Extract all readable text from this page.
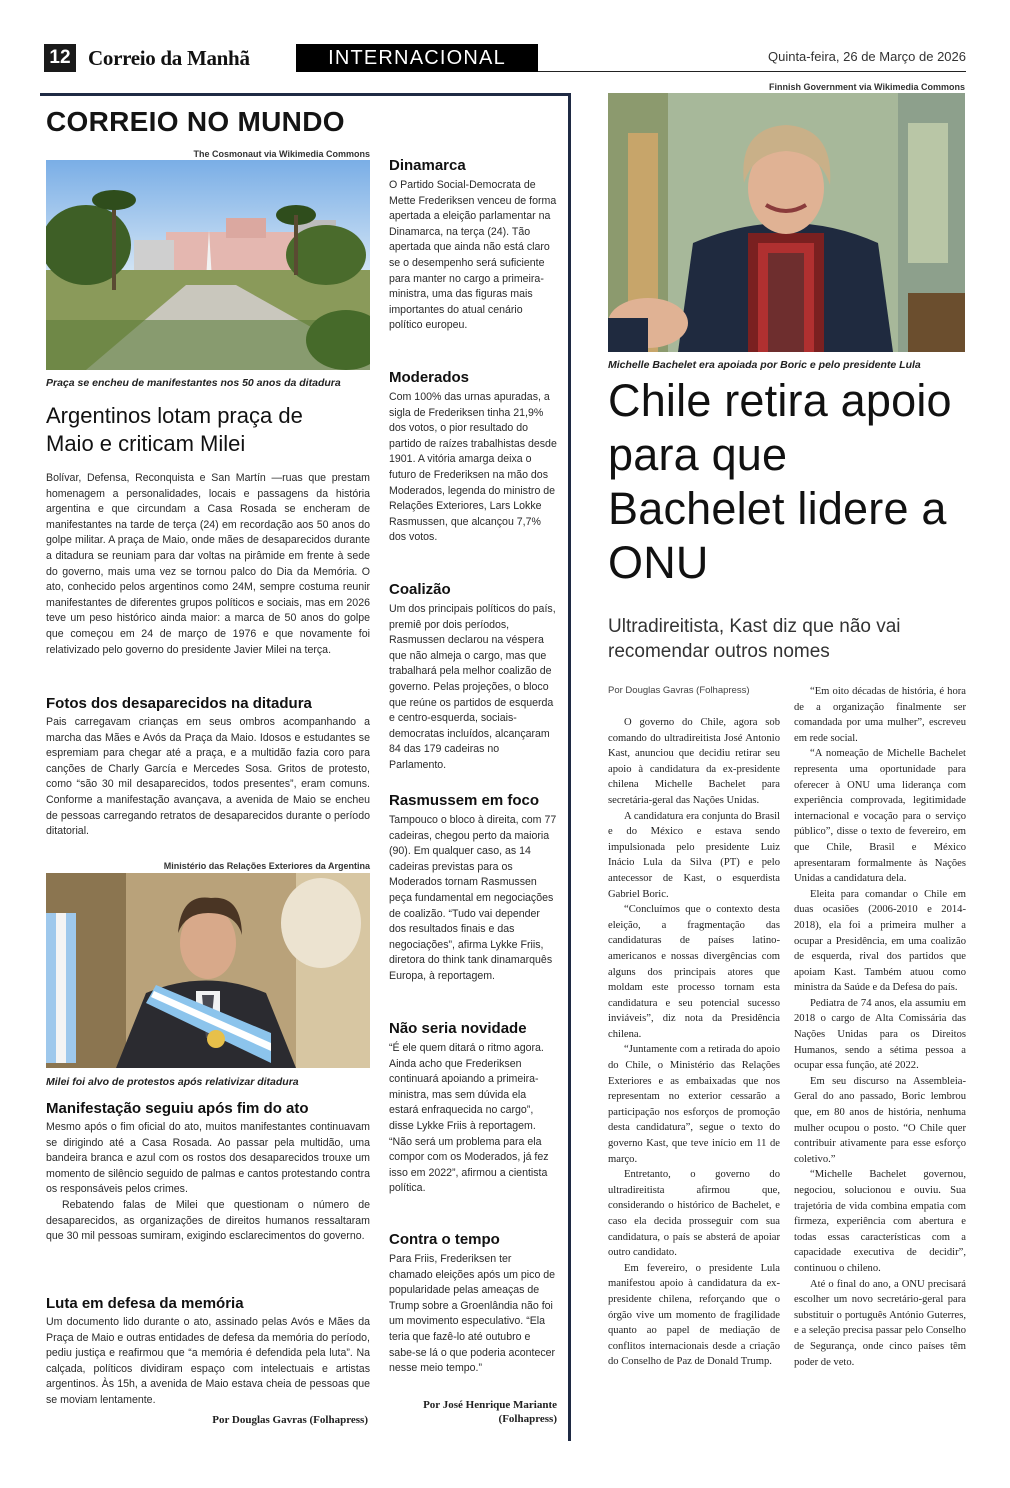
12 Correio da Manhã	INTERNACIONAL	Quinta-feira, 26 de Março de 2026
CORREIO NO MUNDO
The Cosmonaut via Wikimedia Commons
Praça se encheu de manifestantes nos 50 anos da ditadura
Argentinos lotam praça de Maio e criticam Milei

Bolívar, Defensa, Reconquista e San Martín —ruas que prestam homenagem a personalidades, locais e passagens da história argentina e que circundam a Casa Rosada se encheram de manifestantes na tarde de terça (24) em recordação aos 50 anos do golpe militar. A praça de Maio, onde mães de desaparecidos durante a ditadura se reuniam para dar voltas na pirâmide em frente à sede do governo, mais uma vez se tornou palco do Dia da Memória. O ato, conhecido pelos argentinos como 24M, sempre costuma reunir manifestantes de diferentes grupos políticos e sociais, mas em 2026 teve um peso histórico ainda maior: a marca de 50 anos do golpe que começou em 24 de março de 1976 e que novamente foi relativizado pelo governo do presidente Javier Milei na terça.

Fotos dos desaparecidos na ditadura

Pais carregavam crianças em seus ombros acompanhando a marcha das Mães e Avós da Praça da Maio. Idosos e estudantes se espremiam para chegar até a praça, e a multidão fazia coro para canções de Charly García e Mercedes Sosa. Gritos de protesto, como “são 30 mil desaparecidos, todos presentes”, eram comuns. Conforme a manifestação avançava, a avenida de Maio se encheu de pessoas carregando retratos de desaparecidos durante o período ditatorial.

Ministério das Relações Exteriores da Argentina
Milei foi alvo de protestos após relativizar ditadura
Manifestação seguiu após fim do ato

Mesmo após o fim oficial do ato, muitos manifestantes continuavam se dirigindo até a Casa Rosada. Ao passar pela multidão, uma bandeira branca e azul com os rostos dos desaparecidos trouxe um momento de silêncio seguido de palmas e cantos protestando contra os responsáveis pelos crimes.

Rebatendo falas de Milei que questionam o número de desaparecidos, as organizações de direitos humanos ressaltaram que 30 mil pessoas sumiram, exigindo esclarecimentos do governo.

Luta em defesa da memória

Um documento lido durante o ato, assinado pelas Avós e Mães da Praça de Maio e outras entidades de defesa da memória do período, pediu justiça e reafirmou que “a memória é defendida pela luta”. Na calçada, políticos dividiram espaço com intelectuais e artistas argentinos. Às 15h, a avenida de Maio estava cheia de pessoas que se moviam lentamente.

Por Douglas Gavras (Folhapress)
Dinamarca

O Partido Social-Democrata de Mette Frederiksen venceu de forma apertada a eleição parlamentar na Dinamarca, na terça (24). Tão apertada que ainda não está claro se o desempenho será suficiente para manter no cargo a primeira-ministra, uma das figuras mais importantes do atual cenário político europeu.

Moderados

Com 100% das urnas apuradas, a sigla de Frederiksen tinha 21,9% dos votos, o pior resultado do partido de raízes trabalhistas desde 1901. A vitória amarga deixa o futuro de Frederiksen na mão dos Moderados, legenda do ministro de Relações Exteriores, Lars Lokke Rasmussen, que alcançou 7,7% dos votos.

Coalizão

Um dos principais políticos do país, premiê por dois períodos, Rasmussen declarou na véspera que não almeja o cargo, mas que trabalhará pela melhor coalizão de governo. Pelas projeções, o bloco que reúne os partidos de esquerda e centro-esquerda, sociais-democratas incluídos, alcançaram 84 das 179 cadeiras no Parlamento.

Rasmussem em foco

Tampouco o bloco à direita, com 77 cadeiras, chegou perto da maioria (90). Em qualquer caso, as 14 cadeiras previstas para os Moderados tornam Rasmussen peça fundamental em negociações de coalizão. “Tudo vai depender dos resultados finais e das negociações”, afirma Lykke Friis, diretora do think tank dinamarquês Europa, à reportagem.

Não seria novidade

“É ele quem ditará o ritmo agora. Ainda acho que Frederiksen continuará apoiando a primeira-ministra, mas sem dúvida ela estará enfraquecida no cargo”, disse Lykke Friis à reportagem. “Não será um problema para ela compor com os Moderados, já fez isso em 2022”, afirmou a cientista política.

Contra o tempo

Para Friis, Frederiksen ter chamado eleições após um pico de popularidade pelas ameaças de Trump sobre a Groenlândia não foi um movimento especulativo. “Ela teria que fazê-lo até outubro e sabe-se lá o que poderia acontecer nesse meio tempo.”

Por José Henrique Mariante
(Folhapress)
Finnish Government via Wikimedia Commons
Michelle Bachelet era apoiada por Boric e pelo presidente Lula
Chile retira apoio para que Bachelet lidere a ONU
Ultradireitista, Kast diz que não vai recomendar outros nomes
Por Douglas Gavras (Folhapress)

O governo do Chile, agora sob comando do ultradireitista José Antonio Kast, anunciou que decidiu retirar seu apoio à candidatura da ex-presidente chilena Michelle Bachelet para secretária-geral das Nações Unidas.

A candidatura era conjunta do Brasil e do México e estava sendo impulsionada pelo presidente Luiz Inácio Lula da Silva (PT) e pelo antecessor de Kast, o esquerdista Gabriel Boric.

“Concluímos que o contexto desta eleição, a fragmentação das candidaturas de países latino-americanos e nossas divergências com alguns dos principais atores que moldam este processo tornam esta candidatura e seu potencial sucesso inviáveis”, diz nota da Presidência chilena.

“Juntamente com a retirada do apoio do Chile, o Ministério das Relações Exteriores e as embaixadas que nos representam no exterior cessarão a participação nos esforços de promoção desta candidatura”, segue o texto do governo Kast, que teve início em 11 de março.

Entretanto, o governo do ultradireitista afirmou que, considerando o histórico de Bachelet, e caso ela decida prosseguir com sua candidatura, o país se absterá de apoiar outro candidato.

Em fevereiro, o presidente Lula manifestou apoio à candidatura da ex-presidente chilena, reforçando que o órgão vive um momento de fragilidade quanto ao papel de mediação de conflitos internacionais desde a criação do Conselho de Paz de Donald Trump.

“Em oito décadas de história, é hora de a organização finalmente ser comandada por uma mulher”, escreveu em rede social.

“A nomeação de Michelle Bachelet representa uma oportunidade para oferecer à ONU uma liderança com experiência comprovada, legitimidade internacional e vocação para o serviço público”, disse o texto de fevereiro, em que Chile, Brasil e México apresentaram formalmente às Nações Unidas a candidatura dela.

Eleita para comandar o Chile em duas ocasiões (2006-2010 e 2014-2018), ela foi a primeira mulher a ocupar a Presidência, em uma coalizão de esquerda, rival dos partidos que apoiam Kast. Também atuou como ministra da Saúde e da Defesa do país.

Pediatra de 74 anos, ela assumiu em 2018 o cargo de Alta Comissária das Nações Unidas para os Direitos Humanos, sendo a sétima pessoa a ocupar essa função, até 2022.

Em seu discurso na Assembleia-Geral do ano passado, Boric lembrou que, em 80 anos de história, nenhuma mulher ocupou o posto. “O Chile quer contribuir ativamente para esse esforço coletivo.”

“Michelle Bachelet governou, negociou, solucionou e ouviu. Sua trajetória de vida combina empatia com firmeza, experiência com abertura e todas essas características com a capacidade executiva de decidir”, continuou o chileno.

Até o final do ano, a ONU precisará escolher um novo secretário-geral para substituir o português António Guterres, e a seleção precisa passar pelo Conselho de Segurança, onde cinco países têm poder de veto.
